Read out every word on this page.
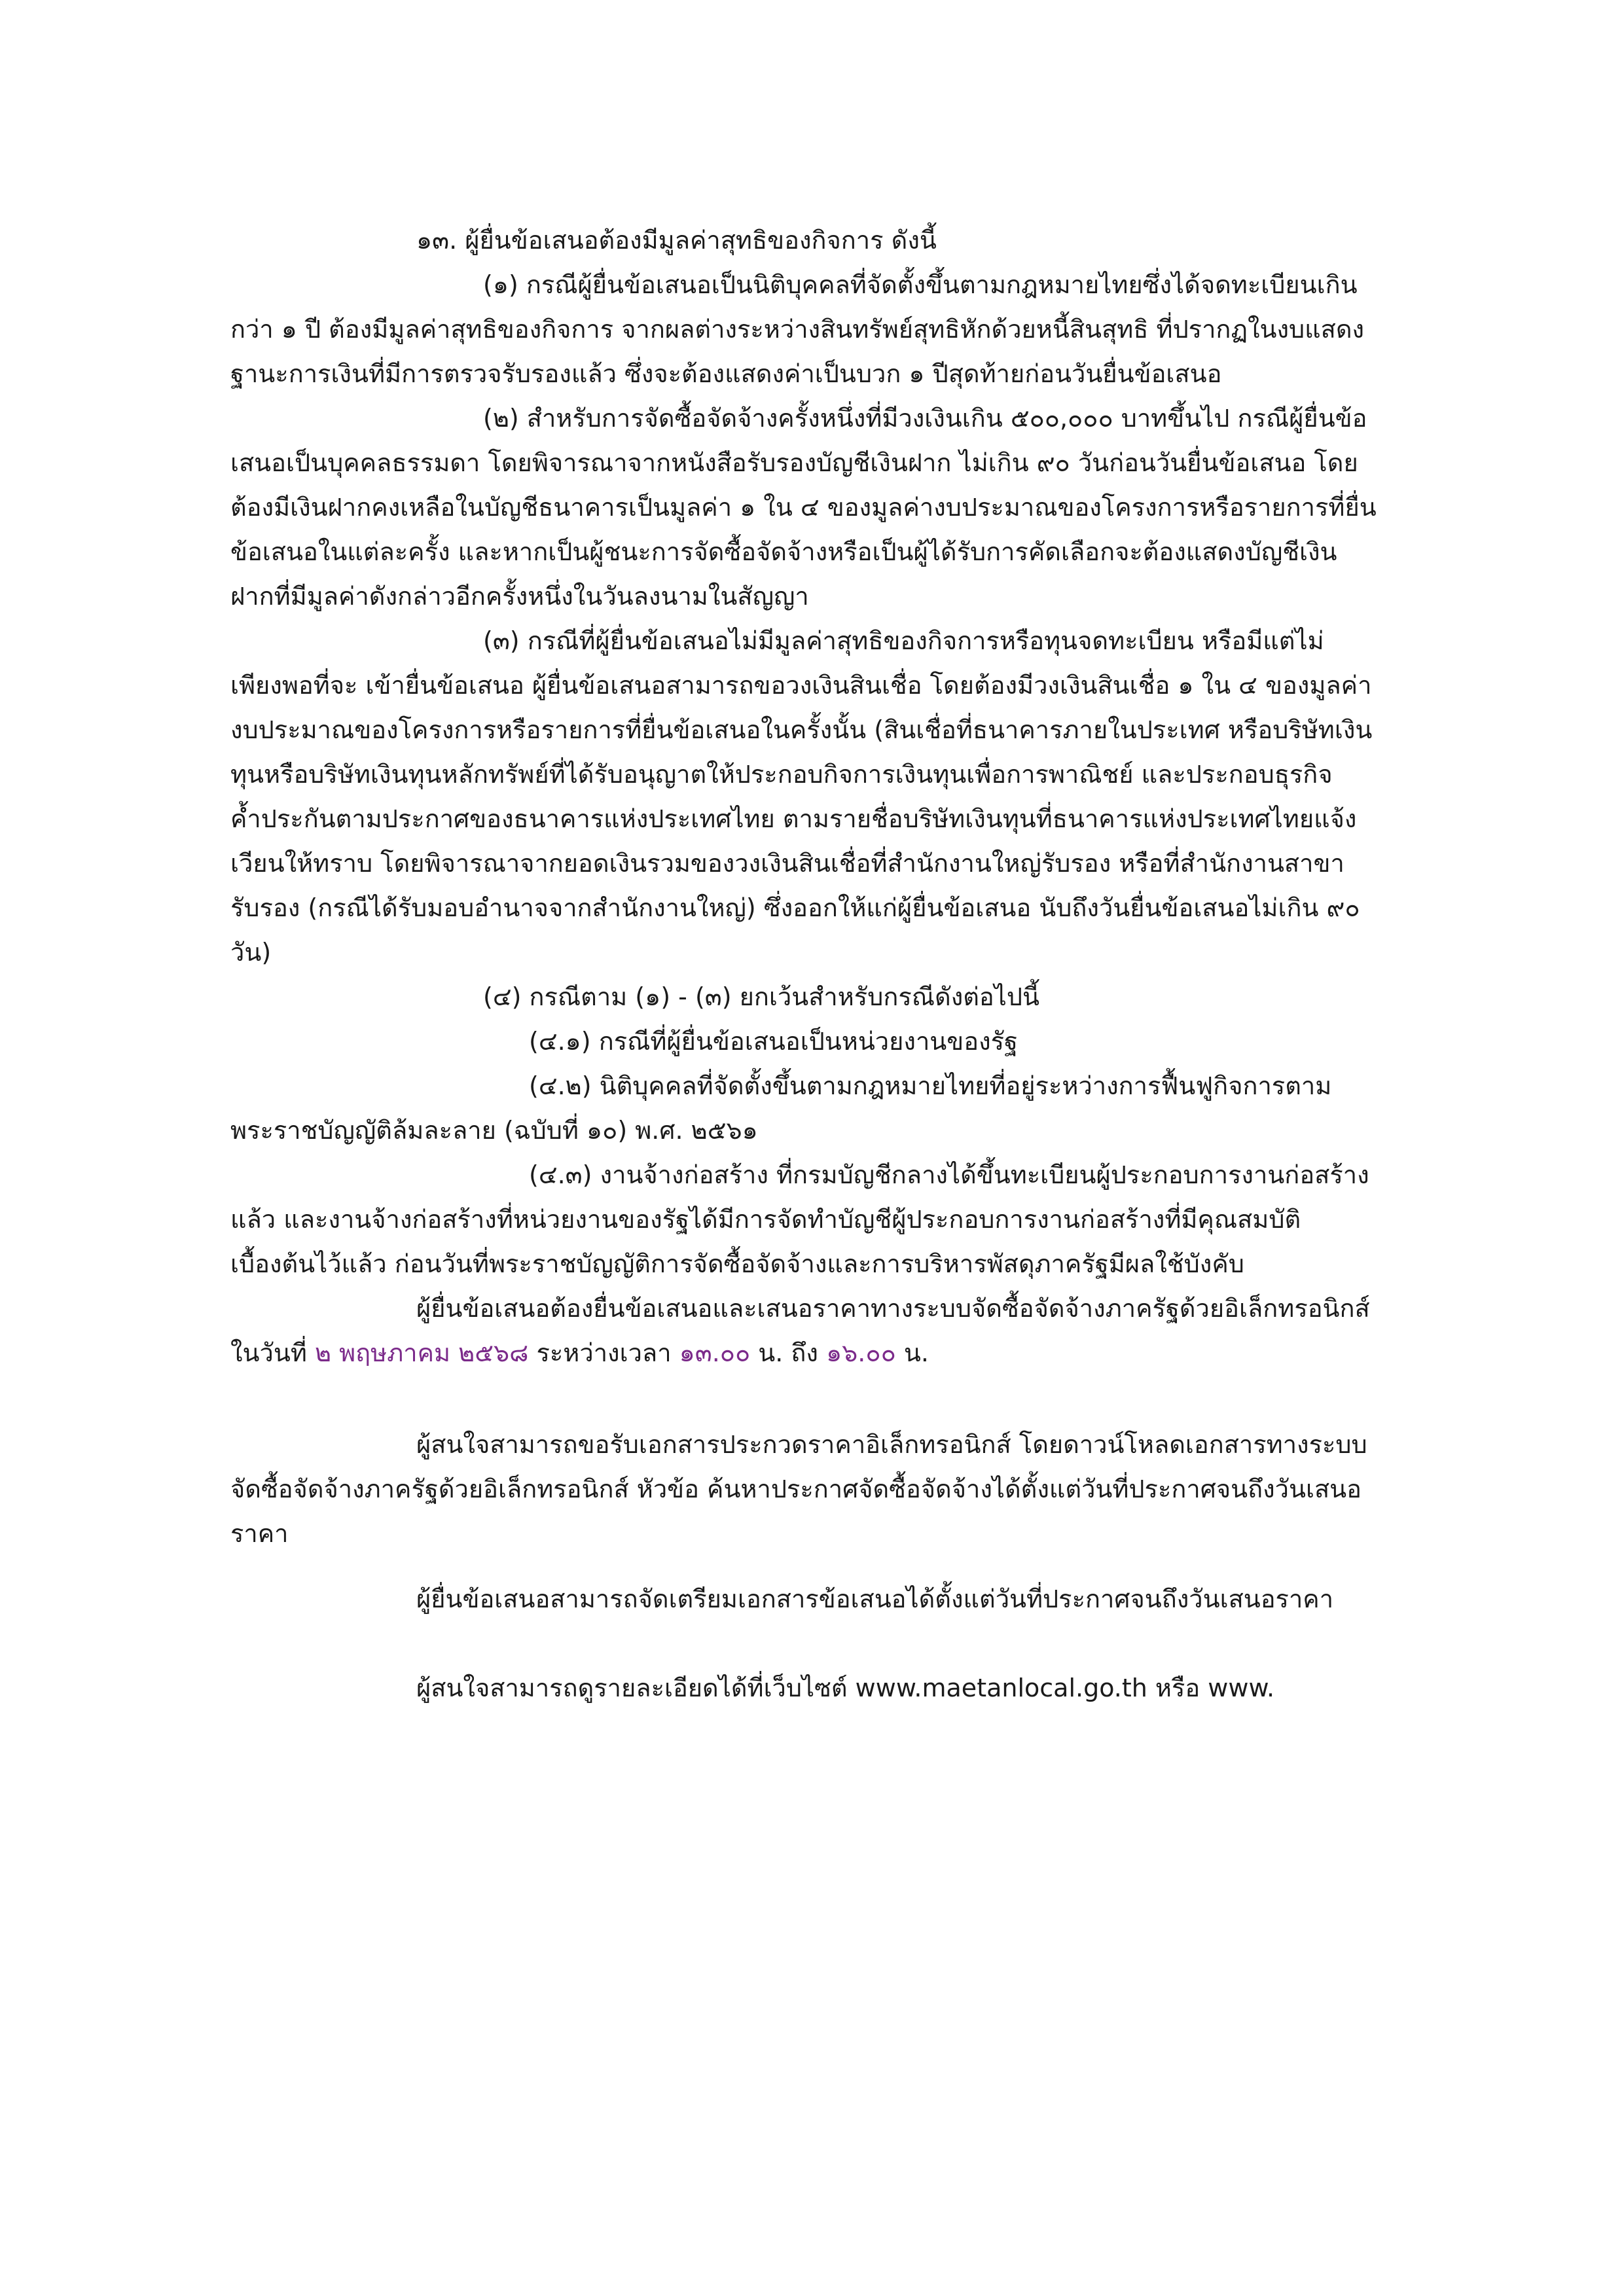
๑๓. ผู้ยื่นข้อเสนอต้องมีมูลค่าสุทธิของกิจการ ดังนี้
(๑) กรณีผู้ยื่นข้อเสนอเป็นนิติบุคคลที่จัดตั้งขึ้นตามกฎหมายไทยซึ่งได้จดทะเบียนเกิน
กว่า ๑ ปี ต้องมีมูลค่าสุทธิของกิจการ จากผลต่างระหว่างสินทรัพย์สุทธิหักด้วยหนี้สินสุทธิ ที่ปรากฏในงบแสดง
ฐานะการเงินที่มีการตรวจรับรองแล้ว ซึ่งจะต้องแสดงค่าเป็นบวก ๑ ปีสุดท้ายก่อนวันยื่นข้อเสนอ
(๒) สำหรับการจัดซื้อจัดจ้างครั้งหนึ่งที่มีวงเงินเกิน ๕๐๐,๐๐๐ บาทขึ้นไป กรณีผู้ยื่นข้อ
เสนอเป็นบุคคลธรรมดา โดยพิจารณาจากหนังสือรับรองบัญชีเงินฝาก ไม่เกิน ๙๐ วันก่อนวันยื่นข้อเสนอ โดย
ต้องมีเงินฝากคงเหลือในบัญชีธนาคารเป็นมูลค่า ๑ ใน ๔ ของมูลค่างบประมาณของโครงการหรือรายการที่ยื่น
ข้อเสนอในแต่ละครั้ง และหากเป็นผู้ชนะการจัดซื้อจัดจ้างหรือเป็นผู้ได้รับการคัดเลือกจะต้องแสดงบัญชีเงิน
ฝากที่มีมูลค่าดังกล่าวอีกครั้งหนึ่งในวันลงนามในสัญญา
(๓) กรณีที่ผู้ยื่นข้อเสนอไม่มีมูลค่าสุทธิของกิจการหรือทุนจดทะเบียน หรือมีแต่ไม่
เพียงพอที่จะ เข้ายื่นข้อเสนอ ผู้ยื่นข้อเสนอสามารถขอวงเงินสินเชื่อ โดยต้องมีวงเงินสินเชื่อ ๑ ใน ๔ ของมูลค่า
งบประมาณของโครงการหรือรายการที่ยื่นข้อเสนอในครั้งนั้น (สินเชื่อที่ธนาคารภายในประเทศ หรือบริษัทเงิน
ทุนหรือบริษัทเงินทุนหลักทรัพย์ที่ได้รับอนุญาตให้ประกอบกิจการเงินทุนเพื่อการพาณิชย์ และประกอบธุรกิจ
ค้ำประกันตามประกาศของธนาคารแห่งประเทศไทย ตามรายชื่อบริษัทเงินทุนที่ธนาคารแห่งประเทศไทยแจ้ง
เวียนให้ทราบ โดยพิจารณาจากยอดเงินรวมของวงเงินสินเชื่อที่สำนักงานใหญ่รับรอง หรือที่สำนักงานสาขา
รับรอง (กรณีได้รับมอบอำนาจจากสำนักงานใหญ่) ซึ่งออกให้แก่ผู้ยื่นข้อเสนอ นับถึงวันยื่นข้อเสนอไม่เกิน ๙๐
วัน)
(๔) กรณีตาม (๑) - (๓) ยกเว้นสำหรับกรณีดังต่อไปนี้
(๔.๑) กรณีที่ผู้ยื่นข้อเสนอเป็นหน่วยงานของรัฐ
(๔.๒) นิติบุคคลที่จัดตั้งขึ้นตามกฎหมายไทยที่อยู่ระหว่างการฟื้นฟูกิจการตาม
พระราชบัญญัติล้มละลาย (ฉบับที่ ๑๐) พ.ศ. ๒๕๖๑
(๔.๓) งานจ้างก่อสร้าง ที่กรมบัญชีกลางได้ขึ้นทะเบียนผู้ประกอบการงานก่อสร้าง
แล้ว และงานจ้างก่อสร้างที่หน่วยงานของรัฐได้มีการจัดทำบัญชีผู้ประกอบการงานก่อสร้างที่มีคุณสมบัติ
เบื้องต้นไว้แล้ว ก่อนวันที่พระราชบัญญัติการจัดซื้อจัดจ้างและการบริหารพัสดุภาครัฐมีผลใช้บังคับ
ผู้ยื่นข้อเสนอต้องยื่นข้อเสนอและเสนอราคาทางระบบจัดซื้อจัดจ้างภาครัฐด้วยอิเล็กทรอนิกส์
ในวันที่ ๒ พฤษภาคม ๒๕๖๘ ระหว่างเวลา ๑๓.๐๐ น. ถึง ๑๖.๐๐ น.
ผู้สนใจสามารถขอรับเอกสารประกวดราคาอิเล็กทรอนิกส์ โดยดาวน์โหลดเอกสารทางระบบ
จัดซื้อจัดจ้างภาครัฐด้วยอิเล็กทรอนิกส์ หัวข้อ ค้นหาประกาศจัดซื้อจัดจ้างได้ตั้งแต่วันที่ประกาศจนถึงวันเสนอ
ราคา
ผู้ยื่นข้อเสนอสามารถจัดเตรียมเอกสารข้อเสนอได้ตั้งแต่วันที่ประกาศจนถึงวันเสนอราคา
ผู้สนใจสามารถดูรายละเอียดได้ที่เว็บไซต์ www.maetanlocal.go.th หรือ www.
